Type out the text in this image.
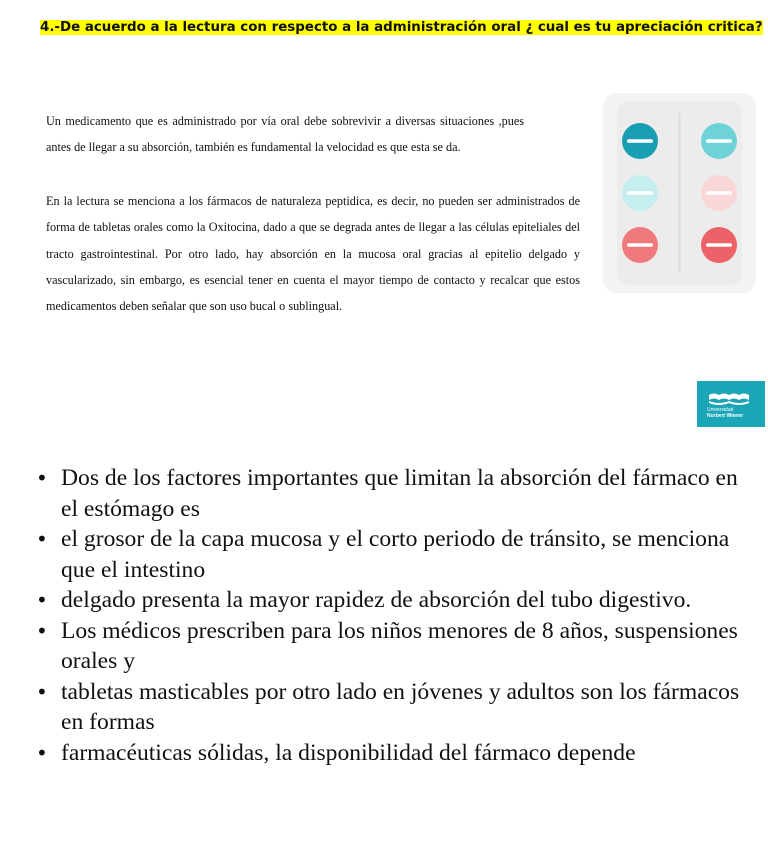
4.-De acuerdo a la lectura con respecto a la administración oral ¿ cual es tu apreciación critica?

Un medicamento que es administrado por vía oral debe sobrevivir a diversas situaciones ,pues antes de llegar a su absorción, también es fundamental la velocidad es que esta se da.

En la lectura se menciona a los fármacos de naturaleza peptidica, es decir, no pueden ser administrados de forma de tabletas orales como la Oxitocina, dado a que se degrada antes de llegar a las células epiteliales del tracto gastrointestinal. Por otro lado, hay absorción en la mucosa oral gracias al epitelio delgado y vascularizado, sin embargo, es esencial tener en cuenta el mayor tiempo de contacto y recalcar que estos medicamentos deben señalar que son uso bucal o sublingual.

Universidad
Norbert Wiener
• Dos de los factores importantes que limitan la absorción del fármaco en el estómago es
• el grosor de la capa mucosa y el corto periodo de tránsito, se menciona que el intestino
• delgado presenta la mayor rapidez de absorción del tubo digestivo.
• Los médicos prescriben para los niños menores de 8 años, suspensiones orales y
• tabletas masticables por otro lado en jóvenes y adultos son los fármacos en formas
• farmacéuticas sólidas, la disponibilidad del fármaco depende
